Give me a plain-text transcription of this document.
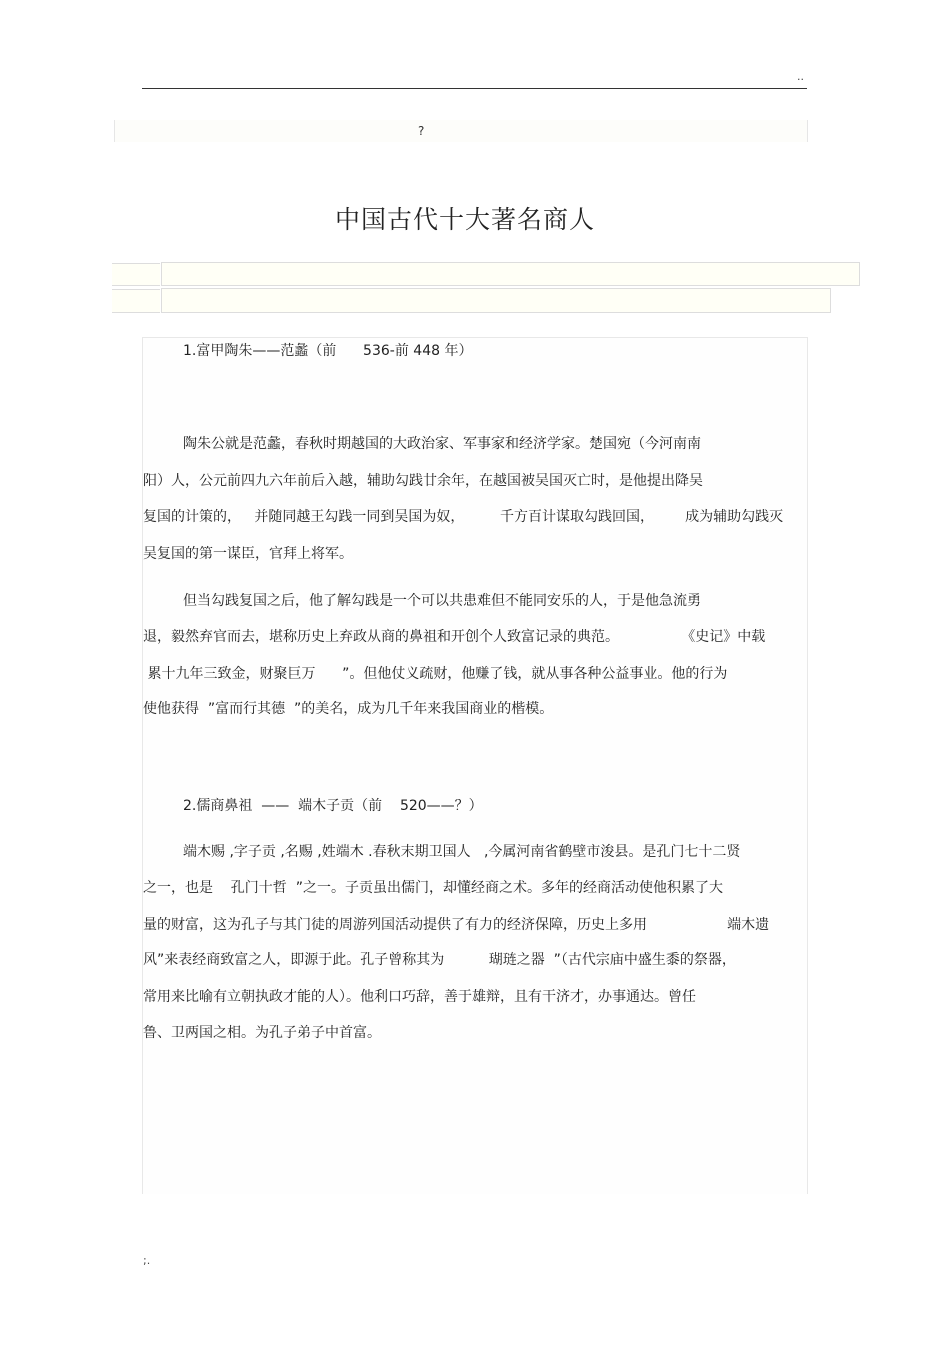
..
?
中国古代十大著名商人
1.富甲陶朱——范蠡（前      536-前 448 年）
陶朱公就是范蠡，春秋时期越国的大政治家、军事家和经济学家。楚国宛（今河南南
阳）人，公元前四九六年前后入越，辅助勾践廿余年，在越国被吴国灭亡时，是他提出降吴
复国的计策的，   并随同越王勾践一同到吴国为奴，        千方百计谋取勾践回国，       成为辅助勾践灭
吴复国的第一谋臣，官拜上将军。
但当勾践复国之后，他了解勾践是一个可以共患难但不能同安乐的人，于是他急流勇
退，毅然弃官而去，堪称历史上弃政从商的鼻祖和开创个人致富记录的典范。              《史记》中载
累十九年三致金，财聚巨万      ”。但他仗义疏财，他赚了钱，就从事各种公益事业。他的行为
使他获得  ”富而行其德  ”的美名，成为几千年来我国商业的楷模。
2.儒商鼻祖  ——  端木子贡（前    520——？）
端木赐 ,字子贡 ,名赐 ,姓端木 .春秋末期卫国人   ,今属河南省鹤壁市浚县。是孔门七十二贤
之一，也是    孔门十哲  ”之一。子贡虽出儒门，却懂经商之术。多年的经商活动使他积累了大
量的财富，这为孔子与其门徒的周游列国活动提供了有力的经济保障，历史上多用                  端木遗
风”来表经商致富之人，即源于此。孔子曾称其为          瑚琏之器  ”（古代宗庙中盛生黍的祭器，
常用来比喻有立朝执政才能的人）。他利口巧辞，善于雄辩，且有干济才，办事通达。曾任
鲁、卫两国之相。为孔子弟子中首富。
;.
